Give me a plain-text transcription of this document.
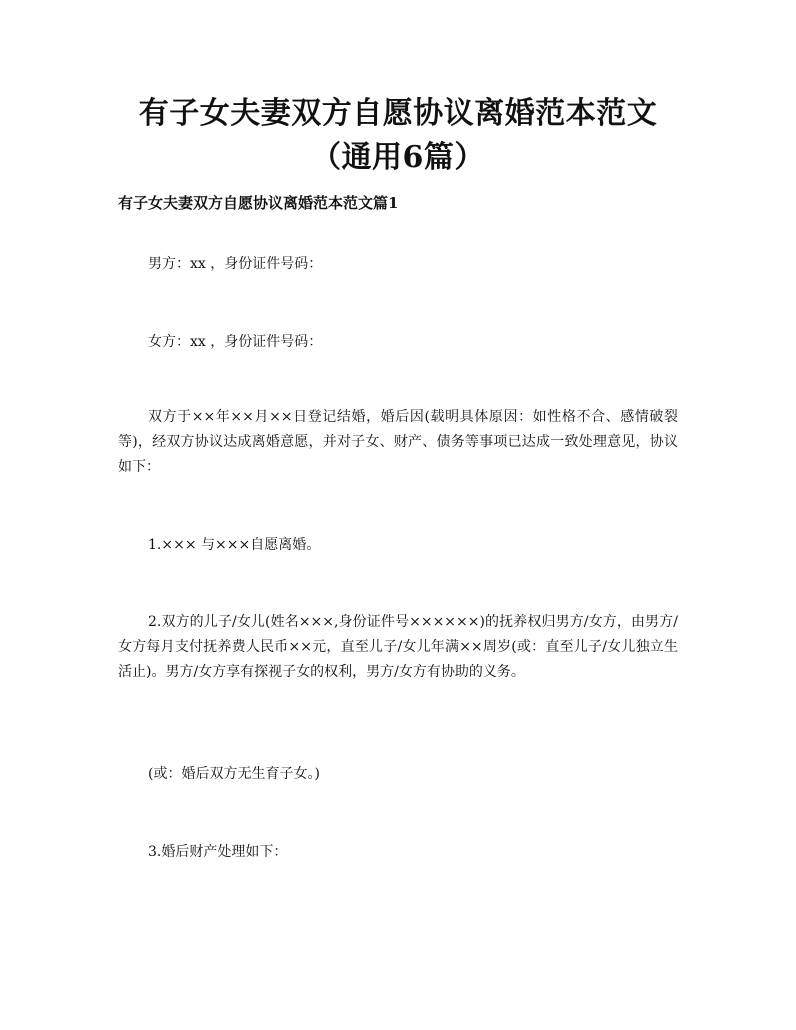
有子女夫妻双方自愿协议离婚范本范文（通用6篇）
有子女夫妻双方自愿协议离婚范本范文篇1

男方：xx ，身份证件号码：

女方：xx ，身份证件号码：

双方于××年××月××日登记结婚，婚后因(载明具体原因：如性格不合、感情破裂等)，经双方协议达成离婚意愿，并对子女、财产、债务等事项已达成一致处理意见，协议如下：

1.××× 与×××自愿离婚。

2.双方的儿子/女儿(姓名×××,身份证件号××××××)的抚养权归男方/女方，由男方/女方每月支付抚养费人民币××元，直至儿子/女儿年满××周岁(或：直至儿子/女儿独立生活止)。男方/女方享有探视子女的权利，男方/女方有协助的义务。

(或：婚后双方无生育子女。)

3.婚后财产处理如下：
